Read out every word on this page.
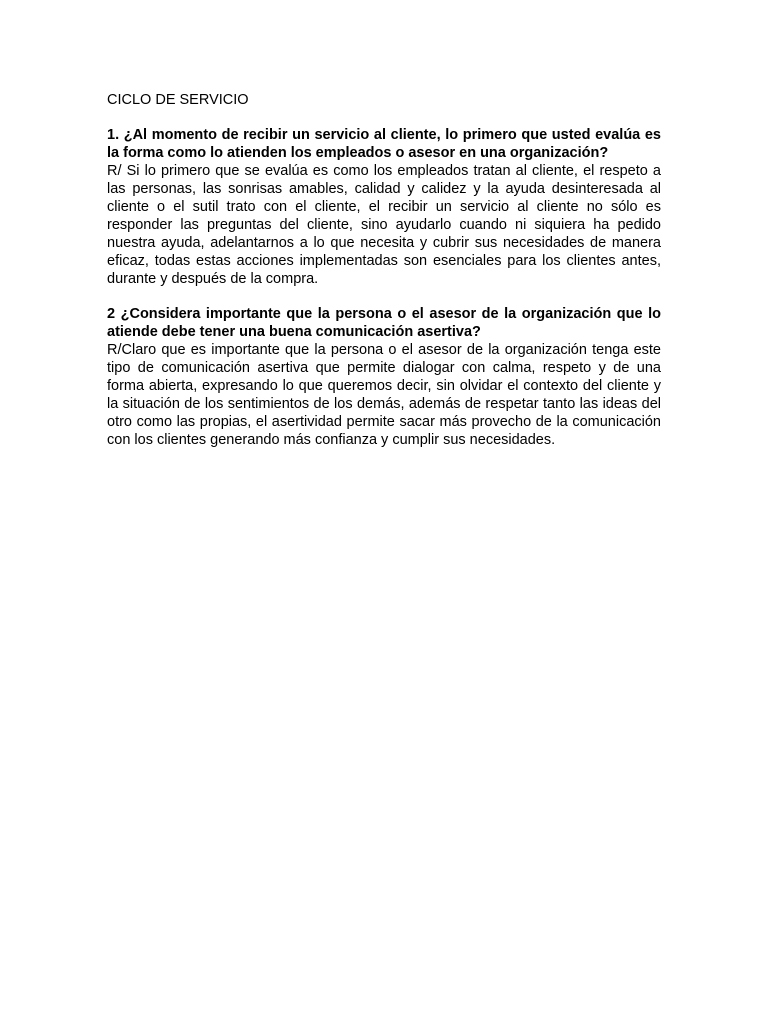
CICLO DE SERVICIO

1. ¿Al momento de recibir un servicio al cliente, lo primero que usted evalúa es la forma como lo atienden los empleados o asesor en una organización?

R/ Si lo primero que se evalúa es como los empleados tratan al cliente, el respeto a las personas, las sonrisas amables, calidad y calidez y la ayuda desinteresada al cliente o el sutil trato con el cliente, el recibir un servicio al cliente no sólo es responder las preguntas del cliente, sino ayudarlo cuando ni siquiera ha pedido nuestra ayuda, adelantarnos a lo que necesita y cubrir sus necesidades de manera eficaz, todas estas acciones implementadas son esenciales para los clientes antes, durante y después de la compra.

2 ¿Considera importante que la persona o el asesor de la organización que lo atiende debe tener una buena comunicación asertiva?

R/Claro que es importante que la persona o el asesor de la organización tenga este tipo de comunicación asertiva que permite dialogar con calma, respeto y de una forma abierta, expresando lo que queremos decir, sin olvidar el contexto del cliente y la situación de los sentimientos de los demás, además de respetar tanto las ideas del otro como las propias, el asertividad permite sacar más provecho de la comunicación con los clientes generando más confianza y cumplir sus necesidades.
